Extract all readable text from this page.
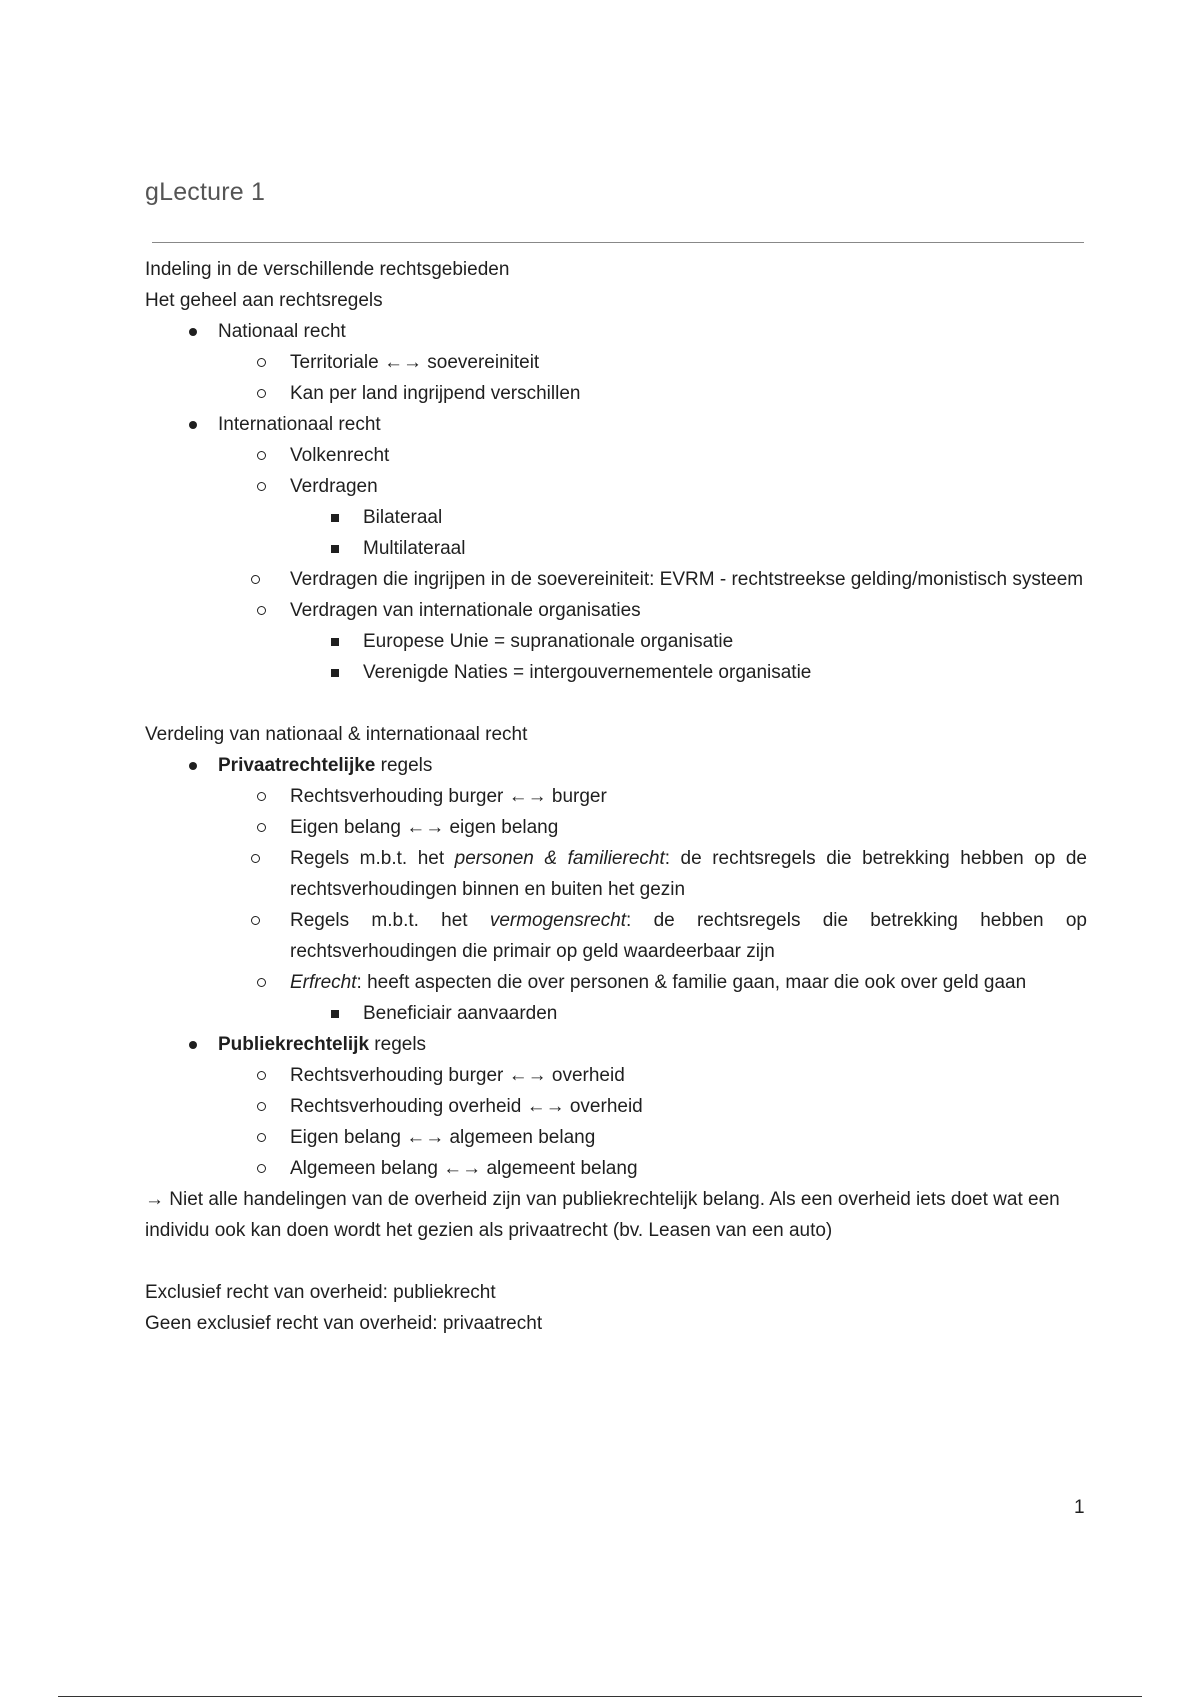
gLecture 1

Indeling in de verschillende rechtsgebieden

Het geheel aan rechtsregels

Nationaal recht

Territoriale ←→ soevereiniteit

Kan per land ingrijpend verschillen

Internationaal recht

Volkenrecht

Verdragen

Bilateraal

Multilateraal

Verdragen die ingrijpen in de soevereiniteit: EVRM - rechtstreekse gelding/monistisch systeem

Verdragen van internationale organisaties

Europese Unie = supranationale organisatie

Verenigde Naties = intergouvernementele organisatie

Verdeling van nationaal & internationaal recht

Privaatrechtelijke regels

Rechtsverhouding burger ←→ burger

Eigen belang ←→ eigen belang

Regels m.b.t. het personen & familierecht: de rechtsregels die betrekking hebben op de rechtsverhoudingen binnen en buiten het gezin

Regels m.b.t. het vermogensrecht: de rechtsregels die betrekking hebben op rechtsverhoudingen die primair op geld waardeerbaar zijn

Erfrecht: heeft aspecten die over personen & familie gaan, maar die ook over geld gaan

Beneficiair aanvaarden

Publiekrechtelijk regels

Rechtsverhouding burger ←→ overheid

Rechtsverhouding overheid ←→ overheid

Eigen belang ←→ algemeen belang

Algemeen belang ←→ algemeent belang

→ Niet alle handelingen van de overheid zijn van publiekrechtelijk belang. Als een overheid iets doet wat een individu ook kan doen wordt het gezien als privaatrecht (bv. Leasen van een auto)

Exclusief recht van overheid: publiekrecht

Geen exclusief recht van overheid: privaatrecht

1
